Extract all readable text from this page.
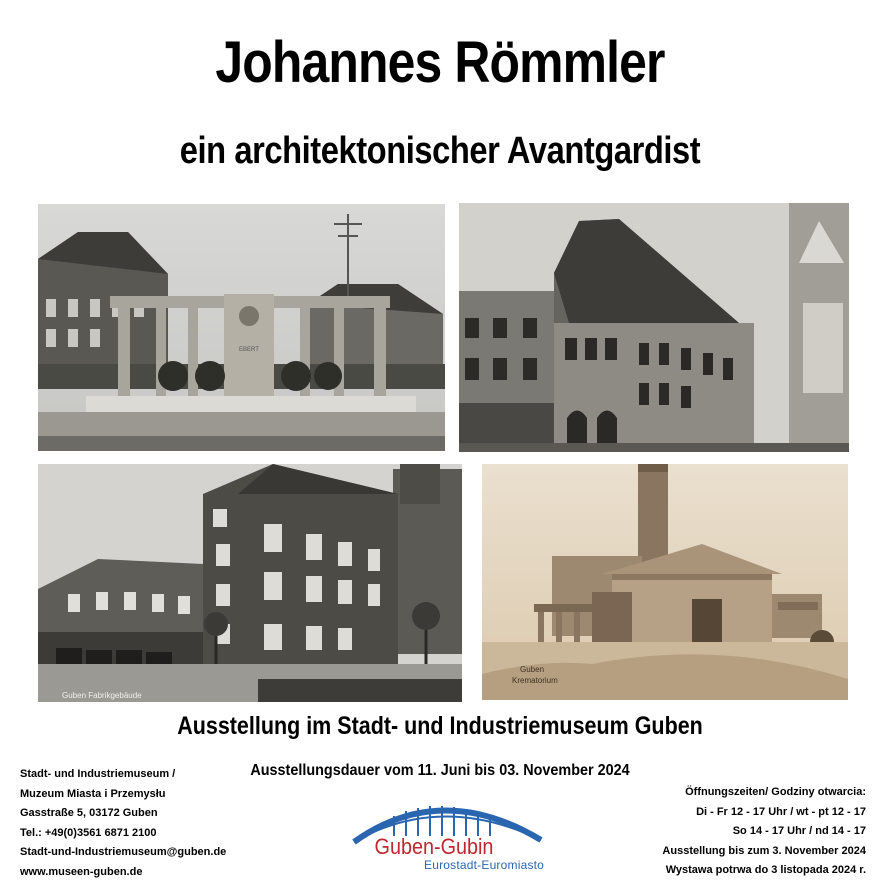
Johannes Römmler
ein architektonischer Avantgardist
EBERT
Guben Fabrikgebäude
Guben
Krematorium
Ausstellung im Stadt- und Industriemuseum Guben
Ausstellungsdauer vom 11. Juni bis 03. November 2024
Stadt- und Industriemuseum /
Muzeum Miasta i Przemysłu
Gasstraße 5, 03172 Guben
Tel.: +49(0)3561 6871 2100
Stadt-und-Industriemuseum@guben.de
www.museen-guben.de
Öffnungszeiten/ Godziny otwarcia:
Di - Fr 12 - 17 Uhr / wt - pt 12 - 17
So 14 - 17 Uhr / nd 14 - 17
Ausstellung bis zum 3. November 2024
Wystawa potrwa do 3 listopada 2024 r.
Guben-Gubin
Eurostadt-Euromiasto
